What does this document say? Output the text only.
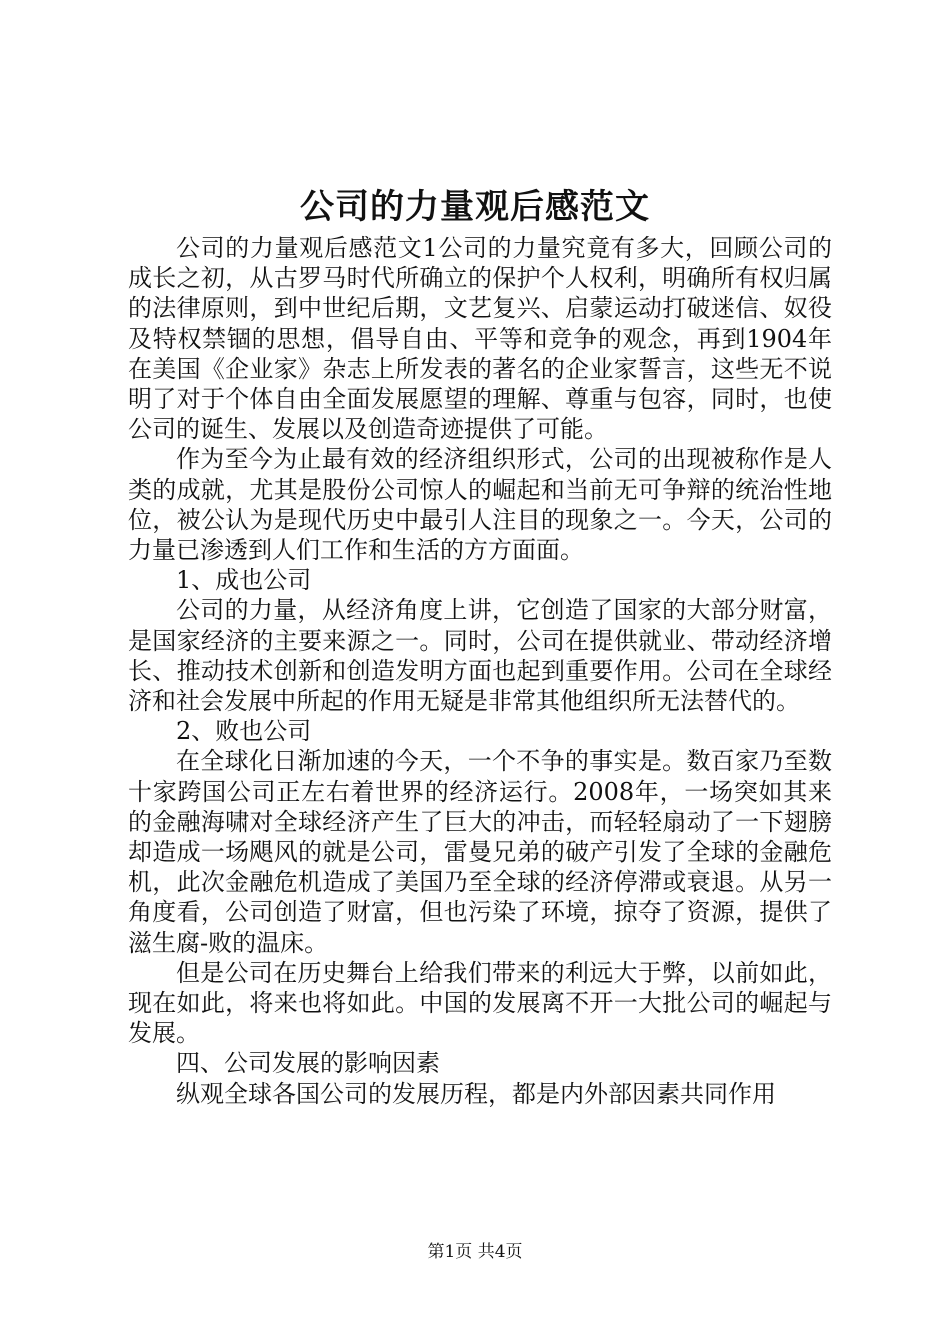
公司的力量观后感范文

公司的力量观后感范文1公司的力量究竟有多大，回顾公司的成长之初，从古罗马时代所确立的保护个人权利，明确所有权归属的法律原则，到中世纪后期，文艺复兴、启蒙运动打破迷信、奴役及特权禁锢的思想，倡导自由、平等和竞争的观念，再到1904年在美国《企业家》杂志上所发表的著名的企业家誓言，这些无不说明了对于个体自由全面发展愿望的理解、尊重与包容，同时，也使公司的诞生、发展以及创造奇迹提供了可能。

作为至今为止最有效的经济组织形式，公司的出现被称作是人类的成就，尤其是股份公司惊人的崛起和当前无可争辩的统治性地位，被公认为是现代历史中最引人注目的现象之一。今天，公司的力量已渗透到人们工作和生活的方方面面。

1、成也公司

公司的力量，从经济角度上讲，它创造了国家的大部分财富，是国家经济的主要来源之一。同时，公司在提供就业、带动经济增长、推动技术创新和创造发明方面也起到重要作用。公司在全球经济和社会发展中所起的作用无疑是非常其他组织所无法替代的。

2、败也公司

在全球化日渐加速的今天，一个不争的事实是。数百家乃至数十家跨国公司正左右着世界的经济运行。2008年，一场突如其来的金融海啸对全球经济产生了巨大的冲击，而轻轻扇动了一下翅膀却造成一场飓风的就是公司，雷曼兄弟的破产引发了全球的金融危机，此次金融危机造成了美国乃至全球的经济停滞或衰退。从另一角度看，公司创造了财富，但也污染了环境，掠夺了资源，提供了滋生腐-败的温床。

但是公司在历史舞台上给我们带来的利远大于弊，以前如此，现在如此，将来也将如此。中国的发展离不开一大批公司的崛起与发展。

四、公司发展的影响因素

纵观全球各国公司的发展历程，都是内外部因素共同作用

第1页 共4页
